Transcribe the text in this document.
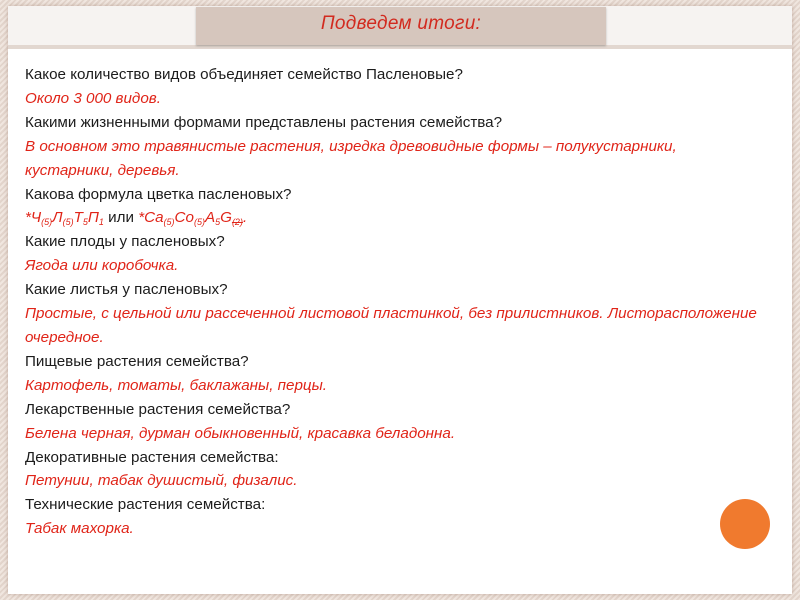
Подведем итоги:
Какое количество видов объединяет семейство Пасленовые?
Около 3 000 видов.
Какими жизненными формами представлены растения семейства?
В основном это травянистые растения, изредка древовидные формы – полукустарники, кустарники, деревья.
Какова формула цветка пасленовых?
$*Ч_{(5)}Л_{(5)}Т_5П_1$ или $*Ca_{(5)}Co_{(5)}A_5G_{(2)}$.
Какие плоды у пасленовых?
Ягода или коробочка.
Какие листья у пасленовых?
Простые, с цельной или рассеченной листовой пластинкой, без прилистников. Листорасположение очередное.
Пищевые растения семейства?
Картофель, томаты, баклажаны, перцы.
Лекарственные растения семейства?
Белена черная, дурман обыкновенный, красавка беладонна.
Декоративные растения семейства:
Петунии, табак душистый, физалис.
Технические растения семейства:
Табак махорка.
